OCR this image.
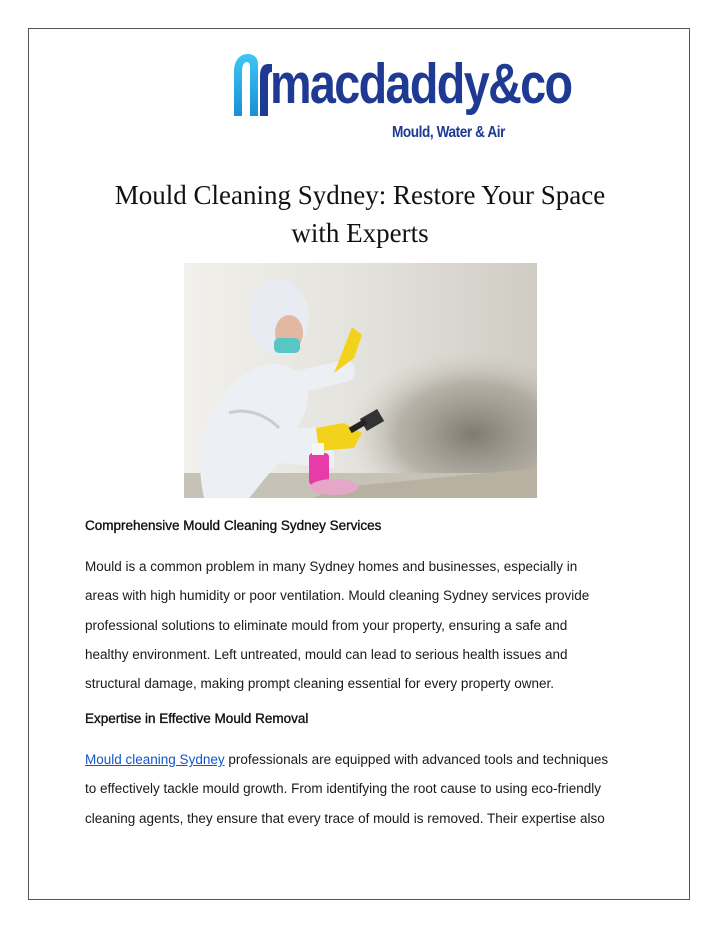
macdaddy&co
Mould, Water & Air
Mould Cleaning Sydney: Restore Your Space
with Experts
Comprehensive Mould Cleaning Sydney Services
Mould is a common problem in many Sydney homes and businesses, especially in
areas with high humidity or poor ventilation. Mould cleaning Sydney services provide
professional solutions to eliminate mould from your property, ensuring a safe and
healthy environment. Left untreated, mould can lead to serious health issues and
structural damage, making prompt cleaning essential for every property owner.
Expertise in Effective Mould Removal
Mould cleaning Sydney professionals are equipped with advanced tools and techniques
to effectively tackle mould growth. From identifying the root cause to using eco-friendly
cleaning agents, they ensure that every trace of mould is removed. Their expertise also
